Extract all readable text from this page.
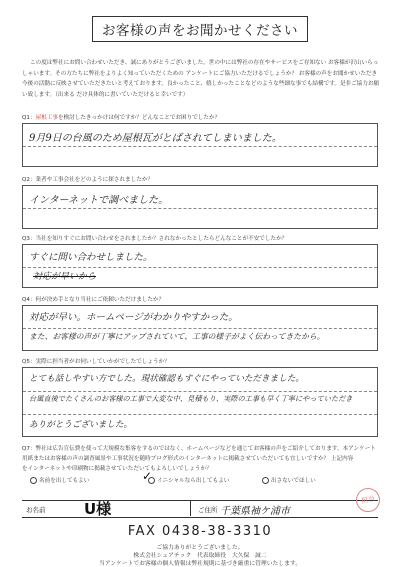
お客様の声をお聞かせください
この度は弊社にお問い合わせいただき、誠にありがとうございました。世の中には弊社の存在やサービスをご存知ない お客様が沢山いらっしゃいます。その方たちに弊社をよりよく知っていただくための アンケートにご協力いただけるでしょうか？ お客様の声をお聞かせいただき今後の活動に反映させていただきたいと考えております。良かったこと、嬉しかったことなどのような些細な事でも結構です。是非ご協力お願い致します。（出来る だけ具体的に書いていただけると幸いです）
Q1：屋根工事を検討したきっかけは何ですか？どんなことでお困りでしたか？
9月9日の台風のため屋根瓦がとばされてしまいました。
Q2：業者や工事会社をどのように探されましたか？
インターネットで調べました。
Q3：当社を知りすぐにお問い合わせをされましたか？されなかったとしたらどんなことが不安でしたか？
すぐに問い合わせしました。
対応が早いから
Q4：何が決め手となり当社にご依頼いただけましたか？
対応が早い。ホームページがわかりやすかった。
また、お客様の声が丁寧にアップされていて、工事の様子がよく伝わってきたから。
Q5：実際に担当者がお伺いしていかがでしたでしょうか？
とても話しやすい方でした。現状確認もすぐにやっていただきました。
台風直後でたくさんのお客様の工事で大変な中、見積もり、実際の工事も早く丁寧にやっていただき
ありがとうございました。
Q7：弊社は広告宣伝費を使って大規模な集客をするのではなく、ホームページなどを通じてお客様の声をご紹介しております。本アンケート
用紙またはお客様の声の調査風景や工事状況を随時ブログ形式のインターネットに掲載させていただいても宜しいですか？ 上記内容
をインターネットや印刷物に掲載させていただいてもよろしいでしょうか？
名前を出してもよい	イニシャルなら出してもよい
✓	出さないでほしい
お名前	U様	ご住所 千葉県袖ケ浦市
担当
FAX 0438-38-3310
ご協力ありがとうございました。
株式会社シェアテック　代表取締役　大久保　誠二
当アンケートでお客様の個人情報は弊社規則に基づき厳重に管理いたします。
